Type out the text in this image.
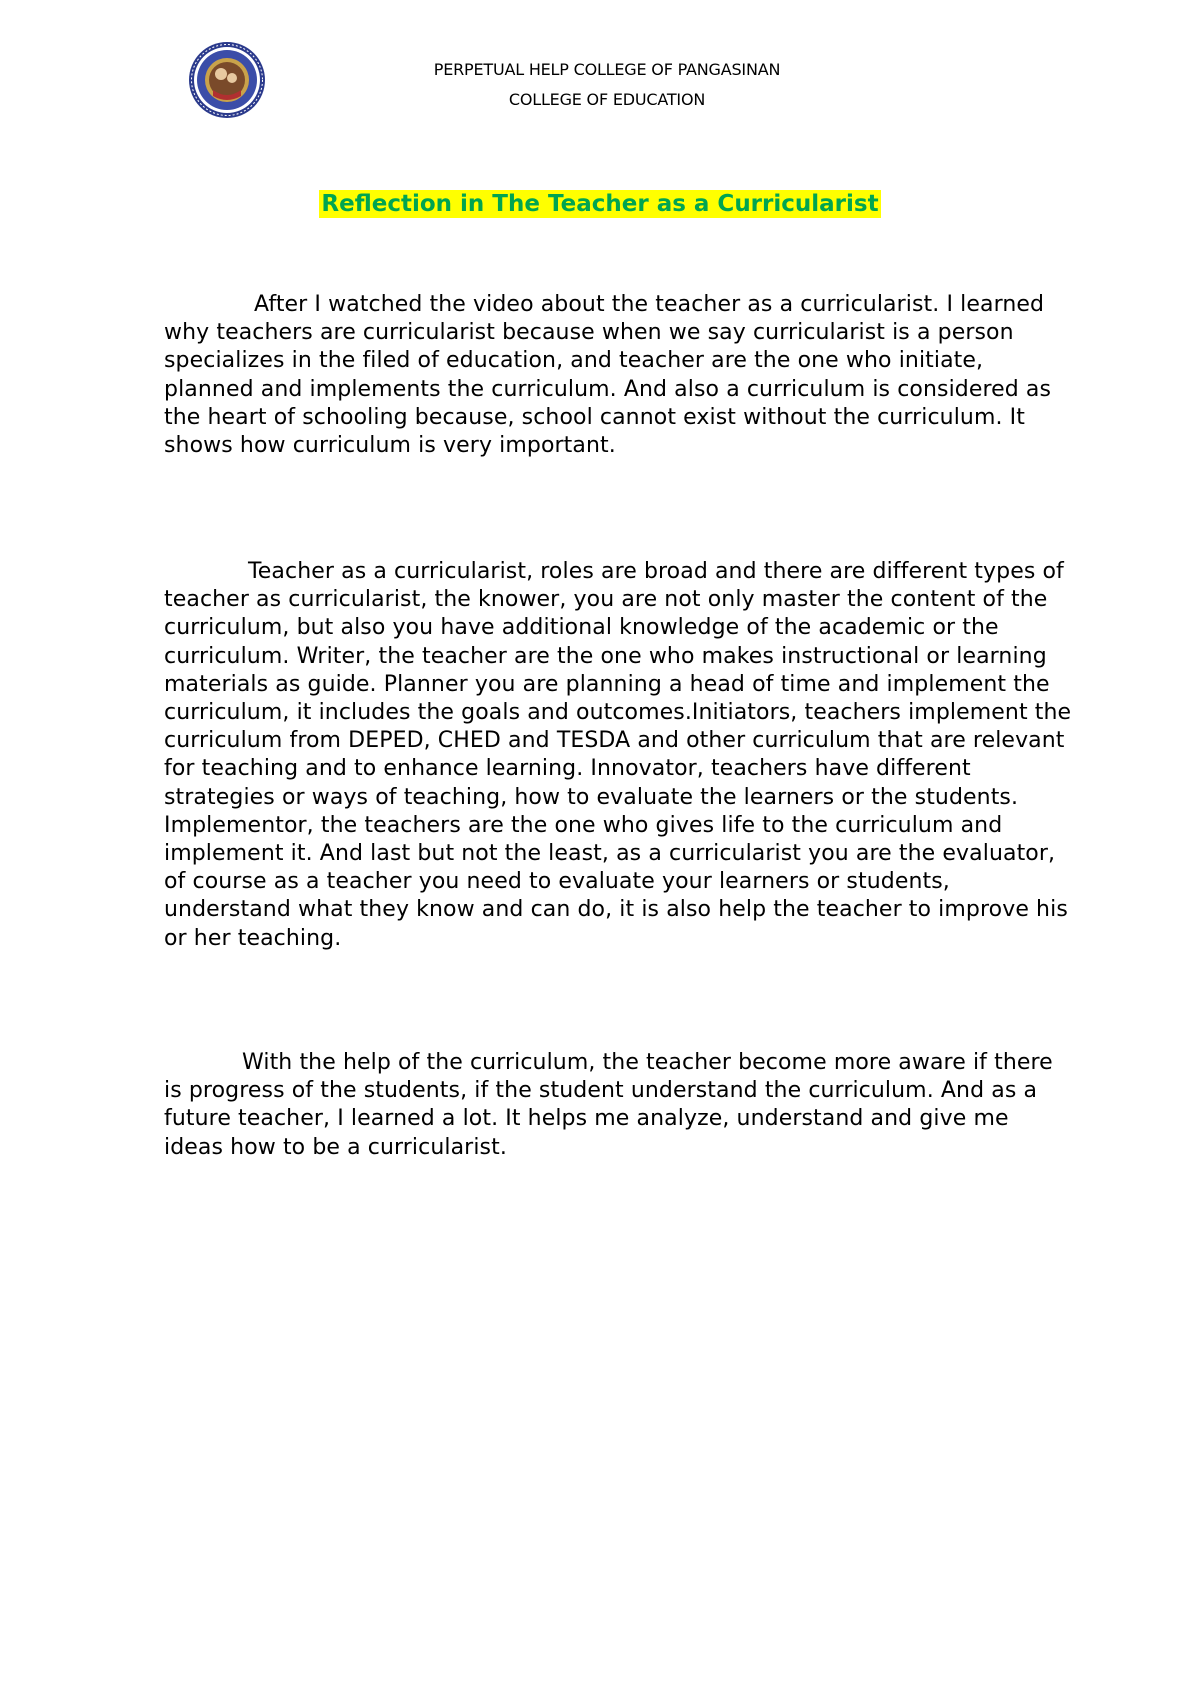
PERPETUAL HELP COLLEGE OF PANGASINAN
COLLEGE OF EDUCATION
Reflection in The Teacher as a Curricularist

After I watched the video about the teacher as a curricularist. I learned why teachers are curricularist because when we say curricularist is a person specializes in the filed of education, and teacher are the one who initiate, planned and implements the curriculum. And also a curriculum is considered as the heart of schooling because, school cannot exist without the curriculum. It shows how curriculum is very important.

Teacher as a curricularist, roles are broad and there are different types of teacher as curricularist, the knower, you are not only master the content of the curriculum, but also you have additional knowledge of the academic or the curriculum. Writer, the teacher are the one who makes instructional or learning materials as guide. Planner you are planning a head of time and implement the curriculum, it includes the goals and outcomes.Initiators, teachers implement the curriculum from DEPED, CHED and TESDA and other curriculum that are relevant for teaching and to enhance learning. Innovator, teachers have different strategies or ways of teaching, how to evaluate the learners or the students. Implementor, the teachers are the one who gives life to the curriculum and implement it. And last but not the least, as a curricularist you are the evaluator, of course as a teacher you need to evaluate your learners or students, understand what they know and can do, it is also help the teacher to improve his or her teaching.

With the help of the curriculum, the teacher become more aware if there is progress of the students, if the student understand the curriculum. And as a future teacher, I learned a lot. It helps me analyze, understand and give me ideas how to be a curricularist.
